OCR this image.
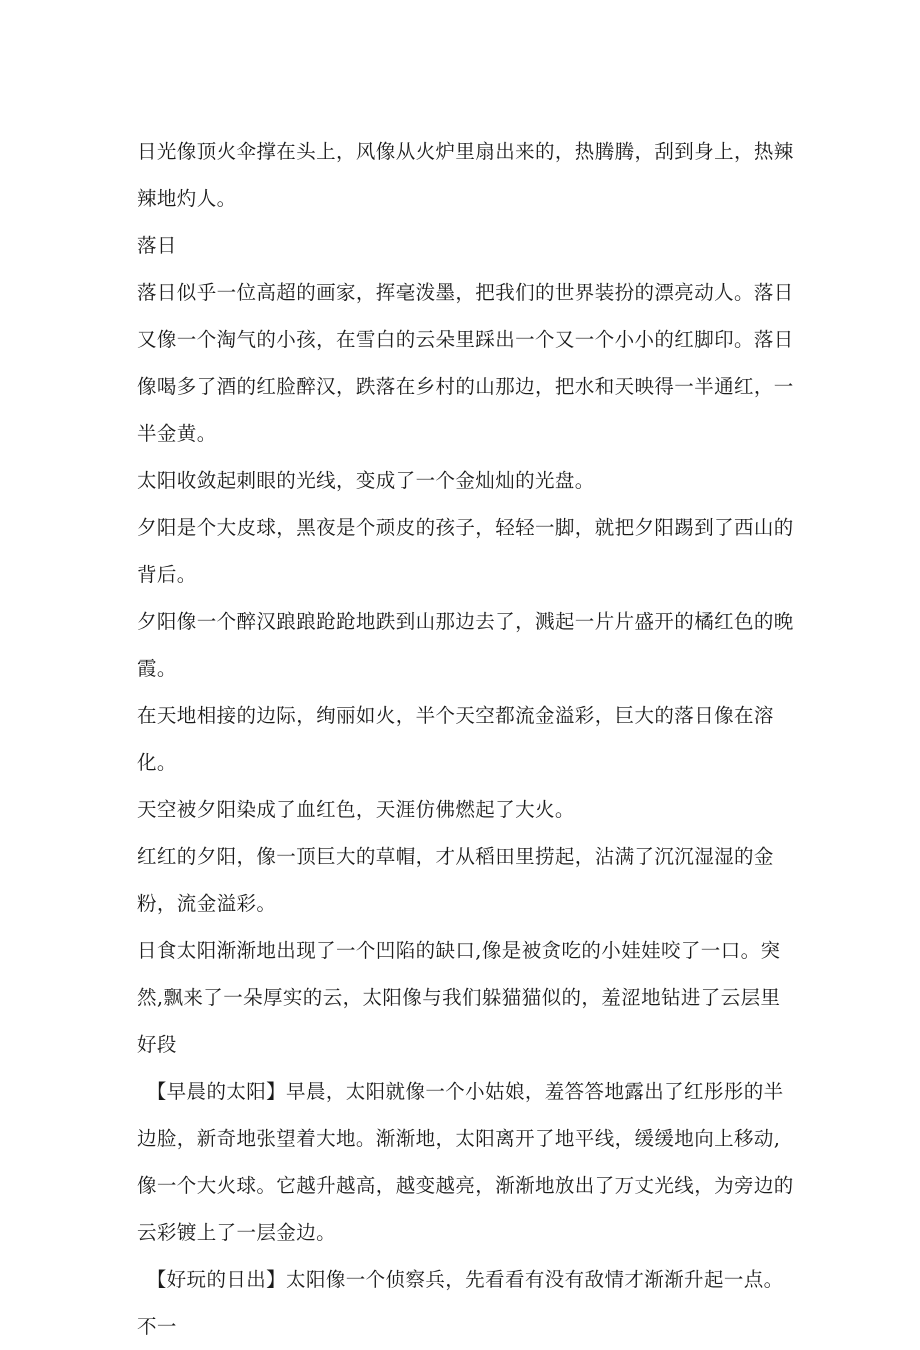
日光像顶火伞撑在头上，风像从火炉里扇出来的，热腾腾，刮到身上，热辣辣地灼人。

落日

落日似乎一位高超的画家，挥毫泼墨，把我们的世界装扮的漂亮动人。落日又像一个淘气的小孩，在雪白的云朵里踩出一个又一个小小的红脚印。落日像喝多了酒的红脸醉汉，跌落在乡村的山那边，把水和天映得一半通红，一半金黄。

太阳收敛起刺眼的光线，变成了一个金灿灿的光盘。

夕阳是个大皮球，黑夜是个顽皮的孩子，轻轻一脚，就把夕阳踢到了西山的背后。

夕阳像一个醉汉踉踉跄跄地跌到山那边去了，溅起一片片盛开的橘红色的晚霞。

在天地相接的边际，绚丽如火，半个天空都流金溢彩，巨大的落日像在溶化。

天空被夕阳染成了血红色，天涯仿佛燃起了大火。

红红的夕阳，像一顶巨大的草帽，才从稻田里捞起，沾满了沉沉湿湿的金粉，流金溢彩。

日食太阳渐渐地出现了一个凹陷的缺口,像是被贪吃的小娃娃咬了一口。突然,飘来了一朵厚实的云，太阳像与我们躲猫猫似的，羞涩地钻进了云层里

好段

【早晨的太阳】早晨，太阳就像一个小姑娘，羞答答地露出了红彤彤的半边脸，新奇地张望着大地。渐渐地，太阳离开了地平线，缓缓地向上移动,像一个大火球。它越升越高，越变越亮，渐渐地放出了万丈光线，为旁边的云彩镀上了一层金边。

【好玩的日出】太阳像一个侦察兵，先看看有没有敌情才渐渐升起一点。不一
